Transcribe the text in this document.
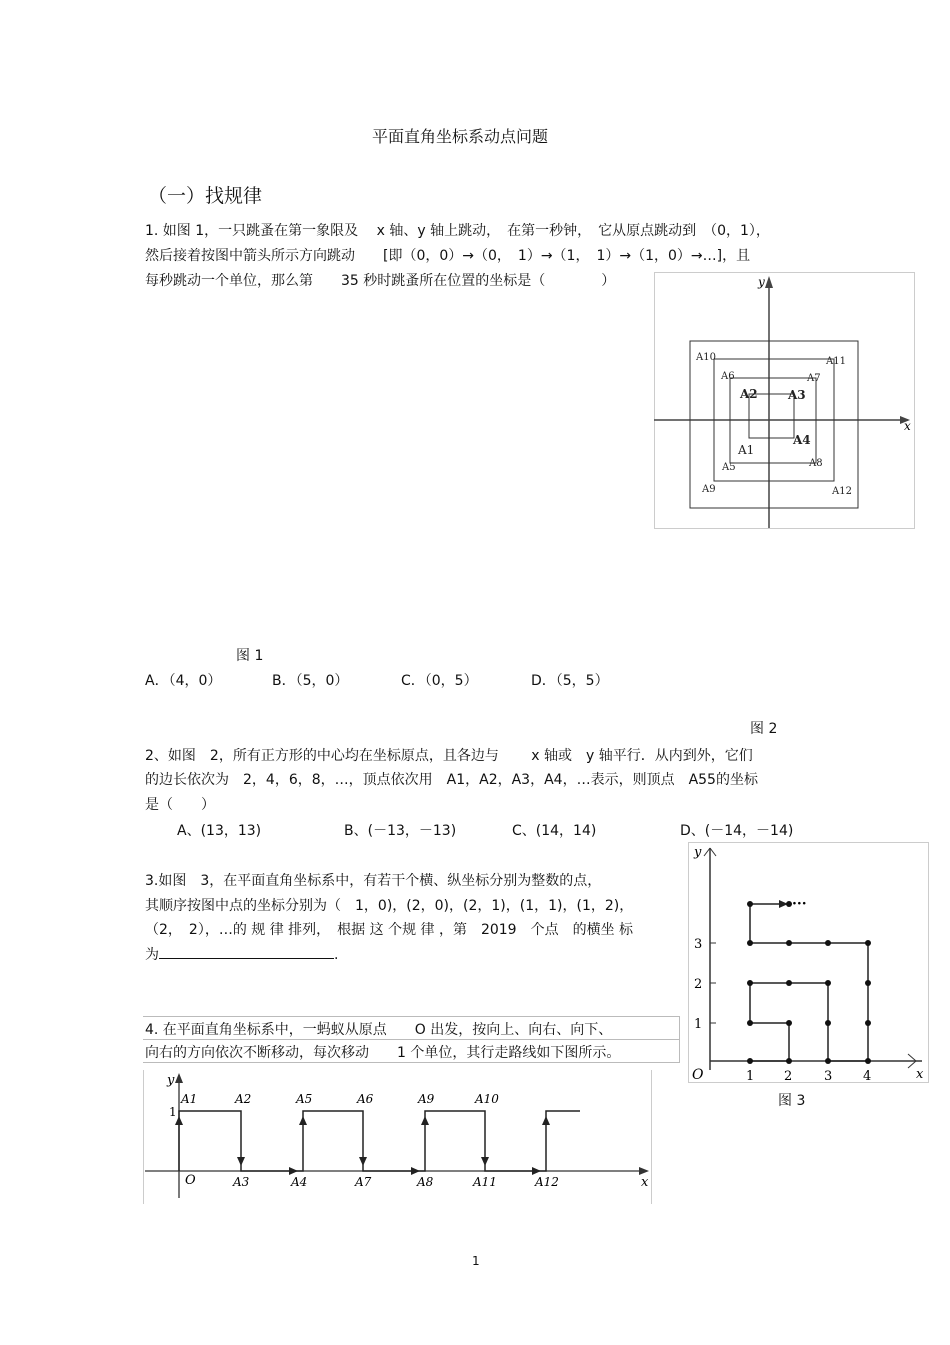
平面直角坐标系动点问题
（一）找规律
1. 如图 1，一只跳蚤在第一象限及　 x 轴、y 轴上跳动，　在第一秒钟，　它从原点跳动到　（0，1），
然后接着按图中箭头所示方向跳动　　[即（0，0）→（0，　1）→（1，　1）→（1，0）→…]，且
每秒跳动一个单位，那么第　　35 秒时跳蚤所在位置的坐标是（　　　　）
x
y
A10	A11
A6	A7
A2	A3
A1
A4
A5	A8
A9	A12
图 1
A．（4，0）	B．（5，0）	C．（0，5）	D．（5，5）
图 2
2、如图　2，所有正方形的中心均在坐标原点，且各边与　　 x 轴或　y 轴平行．从内到外，它们
的边长依次为　2，4，6，8，…，顶点依次用　A1，A2，A3，A4，…表示，则顶点　A55的坐标
是（　　）
A、(13，13)	B、(－13，－13)	C、(14，14)	D、(－14，－14)
3.如图　3，在平面直角坐标系中，有若干个横、纵坐标分别为整数的点，
其顺序按图中点的坐标分别为（　1，0)，(2，0)，(2，1)，(1，1)，(1，2)，
（2，　2），…的 规 律 排列，　根据 这 个规 律 ，第　2019　个点　的横坐 标
为	.
y
x
O
3
2
1
1 2 3 4
···
图 3
4. 在平面直角坐标系中，一蚂蚁从原点　　O 出发，按向上、向右、向下、
向右的方向依次不断移动，每次移动　　1 个单位，其行走路线如下图所示。
y
x
O
1
A1	A2	A5	A6	A9	A10
A3	A4	A7	A8	A11	A12
1
